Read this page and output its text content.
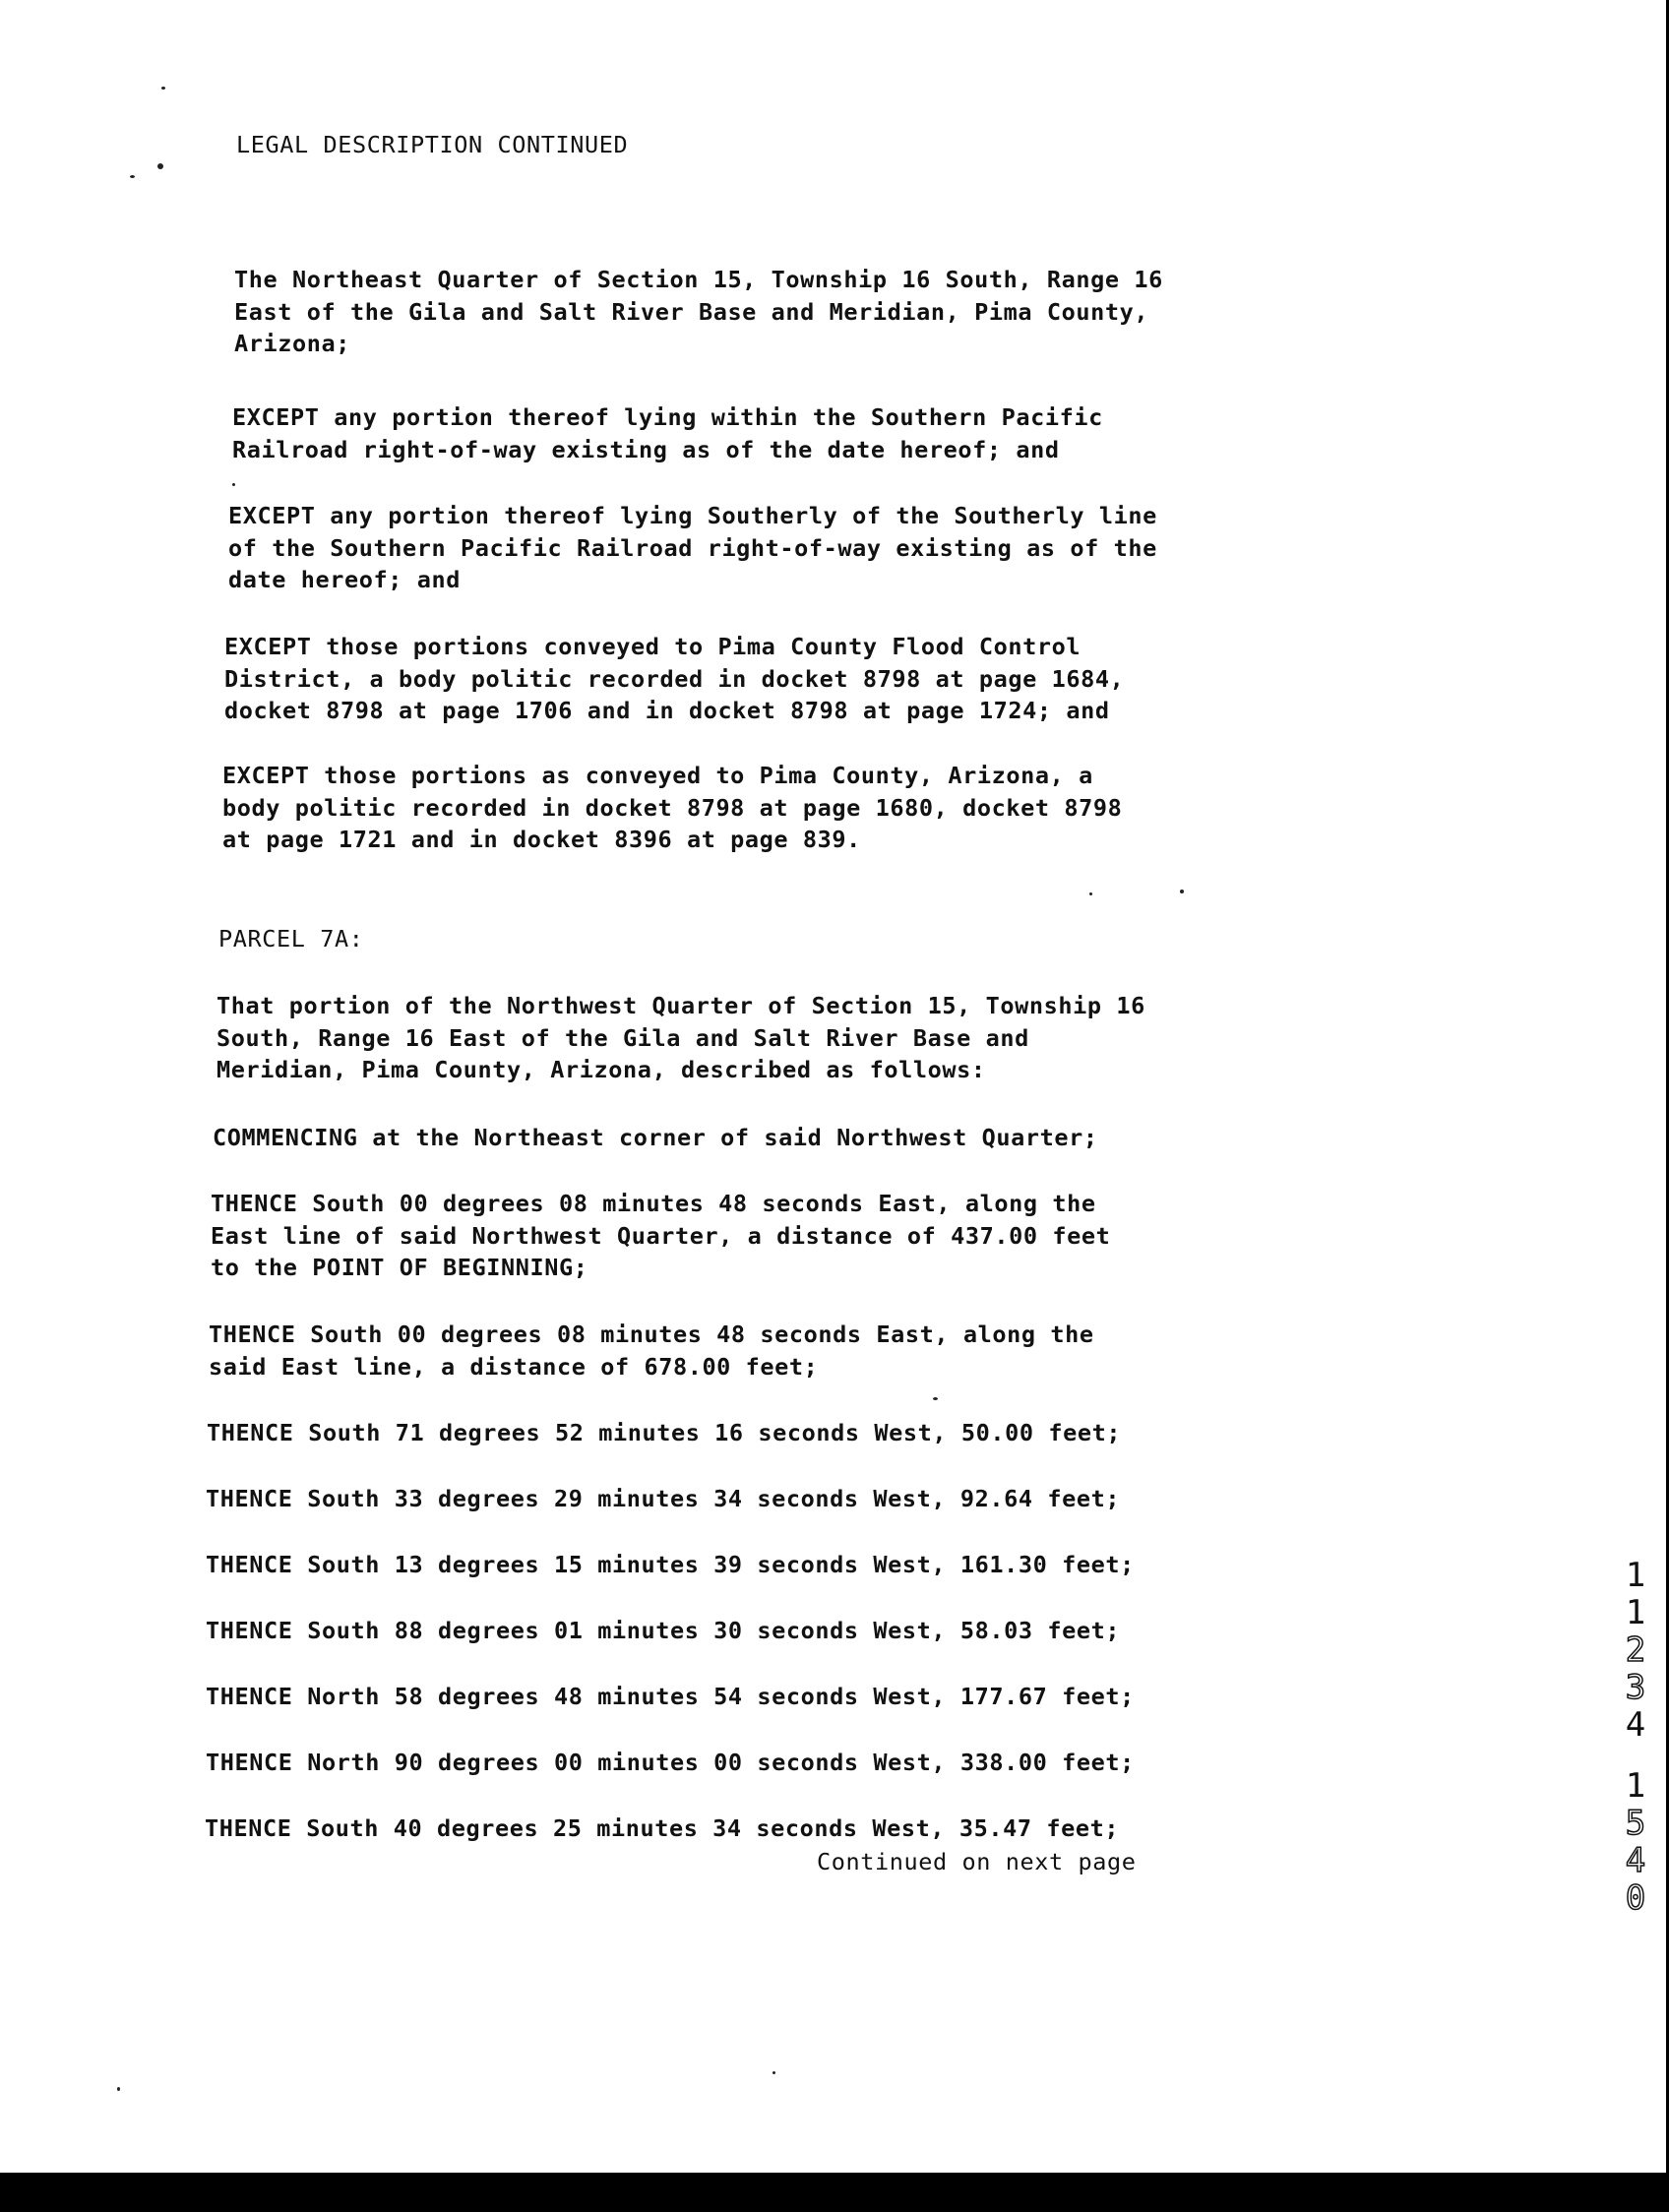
LEGAL DESCRIPTION CONTINUED
The Northeast Quarter of Section 15, Township 16 South, Range 16
East of the Gila and Salt River Base and Meridian, Pima County,
Arizona;
EXCEPT any portion thereof lying within the Southern Pacific
Railroad right-of-way existing as of the date hereof; and
EXCEPT any portion thereof lying Southerly of the Southerly line
of the Southern Pacific Railroad right-of-way existing as of the
date hereof; and
EXCEPT those portions conveyed to Pima County Flood Control
District, a body politic recorded in docket 8798 at page 1684,
docket 8798 at page 1706 and in docket 8798 at page 1724; and
EXCEPT those portions as conveyed to Pima County, Arizona, a
body politic recorded in docket 8798 at page 1680, docket 8798
at page 1721 and in docket 8396 at page 839.
PARCEL 7A:
That portion of the Northwest Quarter of Section 15, Township 16
South, Range 16 East of the Gila and Salt River Base and
Meridian, Pima County, Arizona, described as follows:
COMMENCING at the Northeast corner of said Northwest Quarter;
THENCE South 00 degrees 08 minutes 48 seconds East, along the
East line of said Northwest Quarter, a distance of 437.00 feet
to the POINT OF BEGINNING;
THENCE South 00 degrees 08 minutes 48 seconds East, along the
said East line, a distance of 678.00 feet;
THENCE South 71 degrees 52 minutes 16 seconds West, 50.00 feet;
THENCE South 33 degrees 29 minutes 34 seconds West, 92.64 feet;
THENCE South 13 degrees 15 minutes 39 seconds West, 161.30 feet;
THENCE South 88 degrees 01 minutes 30 seconds West, 58.03 feet;
THENCE North 58 degrees 48 minutes 54 seconds West, 177.67 feet;
THENCE North 90 degrees 00 minutes 00 seconds West, 338.00 feet;
THENCE South 40 degrees 25 minutes 34 seconds West, 35.47 feet;
Continued on next page
1
1
2
3
4
1
5
4
0
